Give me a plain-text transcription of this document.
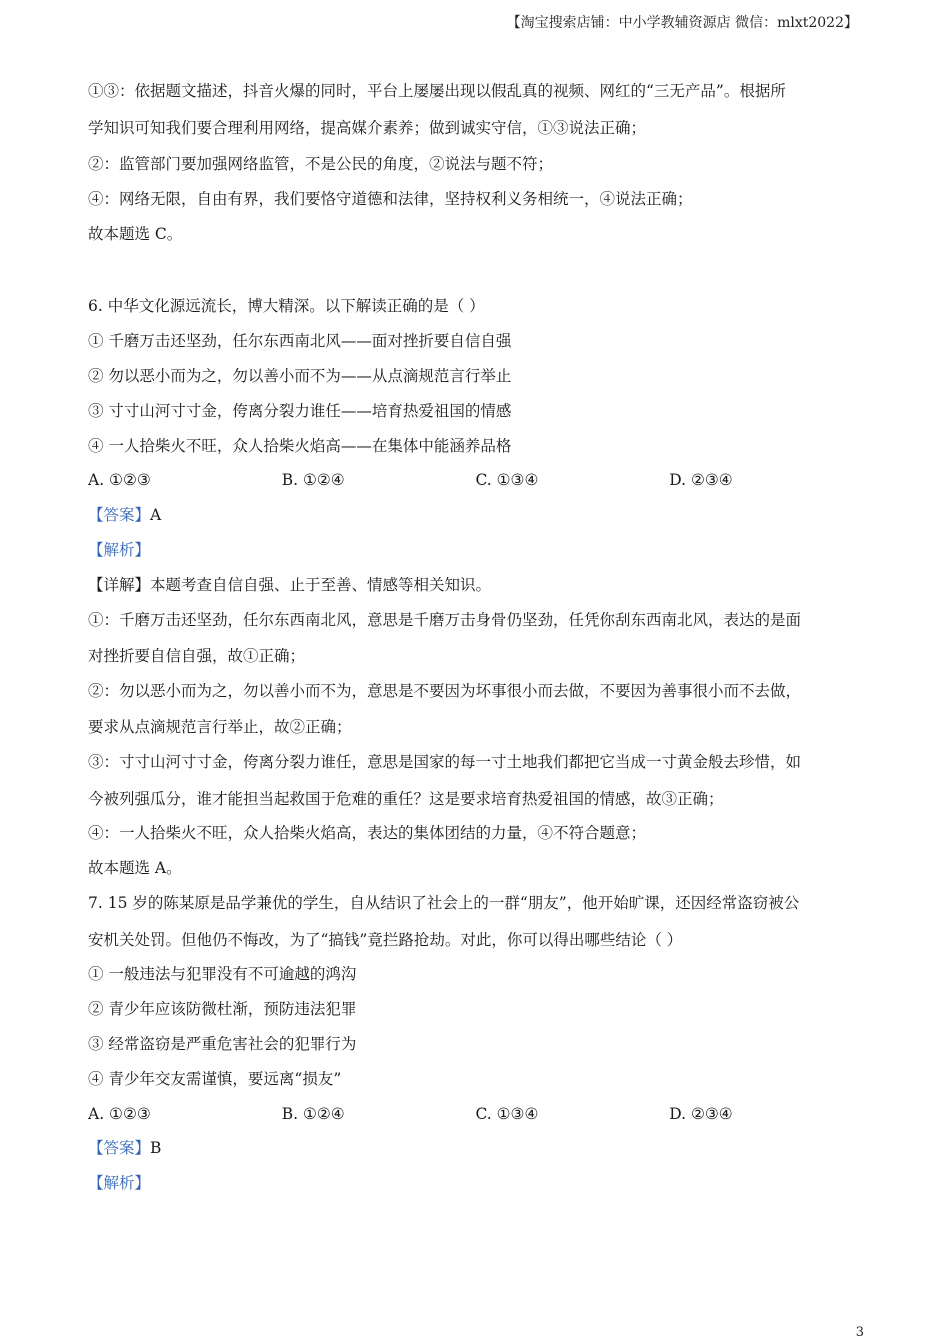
【淘宝搜索店铺：中小学教辅资源店 微信：mlxt2022】
①③：依据题文描述，抖音火爆的同时，平台上屡屡出现以假乱真的视频、网红的“三无产品”。根据所
学知识可知我们要合理利用网络，提高媒介素养；做到诚实守信，①③说法正确；
②：监管部门要加强网络监管，不是公民的角度，②说法与题不符；
④：网络无限，自由有界，我们要恪守道德和法律，坚持权利义务相统一，④说法正确；
故本题选 C。
6. 中华文化源远流长，博大精深。以下解读正确的是（ ）
① 千磨万击还坚劲，任尔东西南北风——面对挫折要自信自强
② 勿以恶小而为之，勿以善小而不为——从点滴规范言行举止
③ 寸寸山河寸寸金，侉离分裂力谁任——培育热爱祖国的情感
④ 一人拾柴火不旺，众人拾柴火焰高——在集体中能涵养品格
A. ①②③	B. ①②④	C. ①③④	D. ②③④
【答案】A
【解析】
【详解】本题考查自信自强、止于至善、情感等相关知识。
①：千磨万击还坚劲，任尔东西南北风，意思是千磨万击身骨仍坚劲，任凭你刮东西南北风，表达的是面
对挫折要自信自强，故①正确；
②：勿以恶小而为之，勿以善小而不为，意思是不要因为坏事很小而去做，不要因为善事很小而不去做，
要求从点滴规范言行举止，故②正确；
③：寸寸山河寸寸金，侉离分裂力谁任，意思是国家的每一寸土地我们都把它当成一寸黄金般去珍惜，如
今被列强瓜分，谁才能担当起救国于危难的重任？这是要求培育热爱祖国的情感，故③正确；
④：一人拾柴火不旺，众人拾柴火焰高，表达的集体团结的力量，④不符合题意；
故本题选 A。
7. 15 岁的陈某原是品学兼优的学生，自从结识了社会上的一群“朋友”，他开始旷课，还因经常盗窃被公
安机关处罚。但他仍不悔改，为了“搞钱”竟拦路抢劫。对此，你可以得出哪些结论（ ）
① 一般违法与犯罪没有不可逾越的鸿沟
② 青少年应该防微杜渐，预防违法犯罪
③ 经常盗窃是严重危害社会的犯罪行为
④ 青少年交友需谨慎，要远离“损友”
A. ①②③	B. ①②④	C. ①③④	D. ②③④
【答案】B
【解析】
3
